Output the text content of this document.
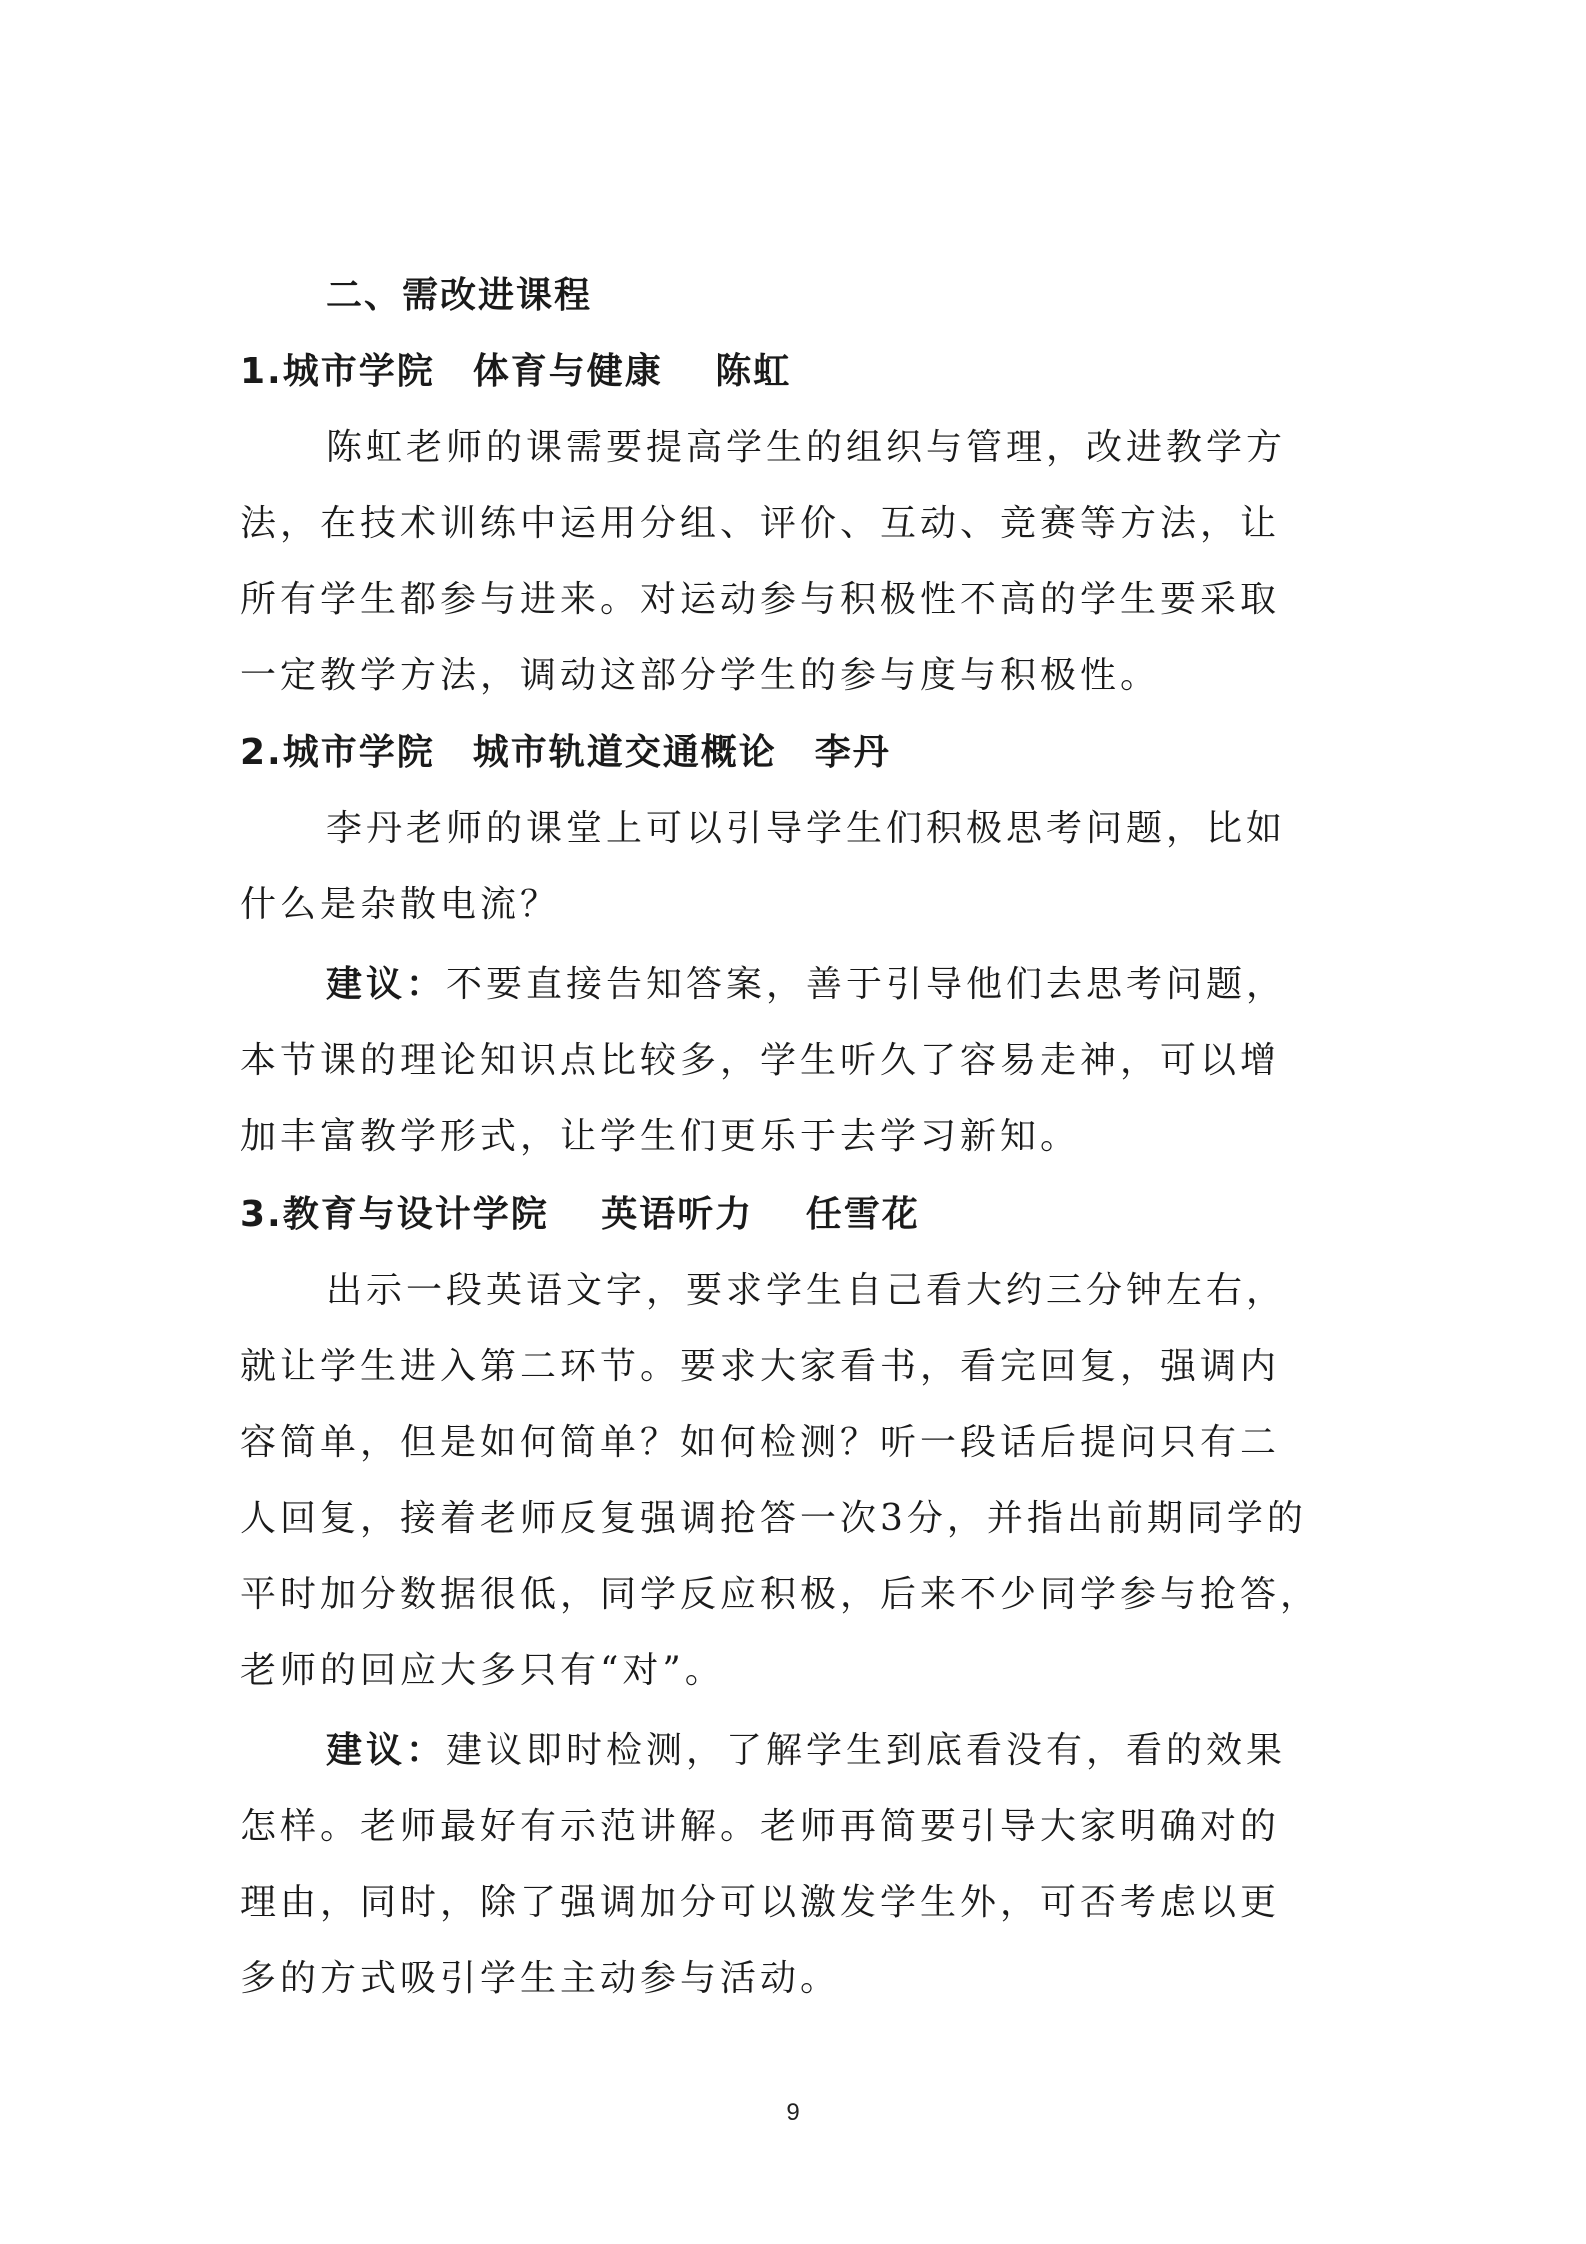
二、需改进课程
1.城市学院　体育与健康　 陈虹
陈虹老师的课需要提高学生的组织与管理，改进教学方
法，在技术训练中运用分组、评价、互动、竞赛等方法，让
所有学生都参与进来。对运动参与积极性不高的学生要采取
一定教学方法，调动这部分学生的参与度与积极性。
2.城市学院　城市轨道交通概论　李丹
李丹老师的课堂上可以引导学生们积极思考问题，比如
什么是杂散电流？
建议：不要直接告知答案，善于引导他们去思考问题，
本节课的理论知识点比较多，学生听久了容易走神，可以增
加丰富教学形式，让学生们更乐于去学习新知。
3.教育与设计学院　 英语听力　 任雪花
出示一段英语文字，要求学生自己看大约三分钟左右，
就让学生进入第二环节。要求大家看书，看完回复，强调内
容简单，但是如何简单？如何检测？听一段话后提问只有二
人回复，接着老师反复强调抢答一次3分，并指出前期同学的
平时加分数据很低，同学反应积极，后来不少同学参与抢答，
老师的回应大多只有“对”。
建议：建议即时检测，了解学生到底看没有，看的效果
怎样。老师最好有示范讲解。老师再简要引导大家明确对的
理由，同时，除了强调加分可以激发学生外，可否考虑以更
多的方式吸引学生主动参与活动。
9
